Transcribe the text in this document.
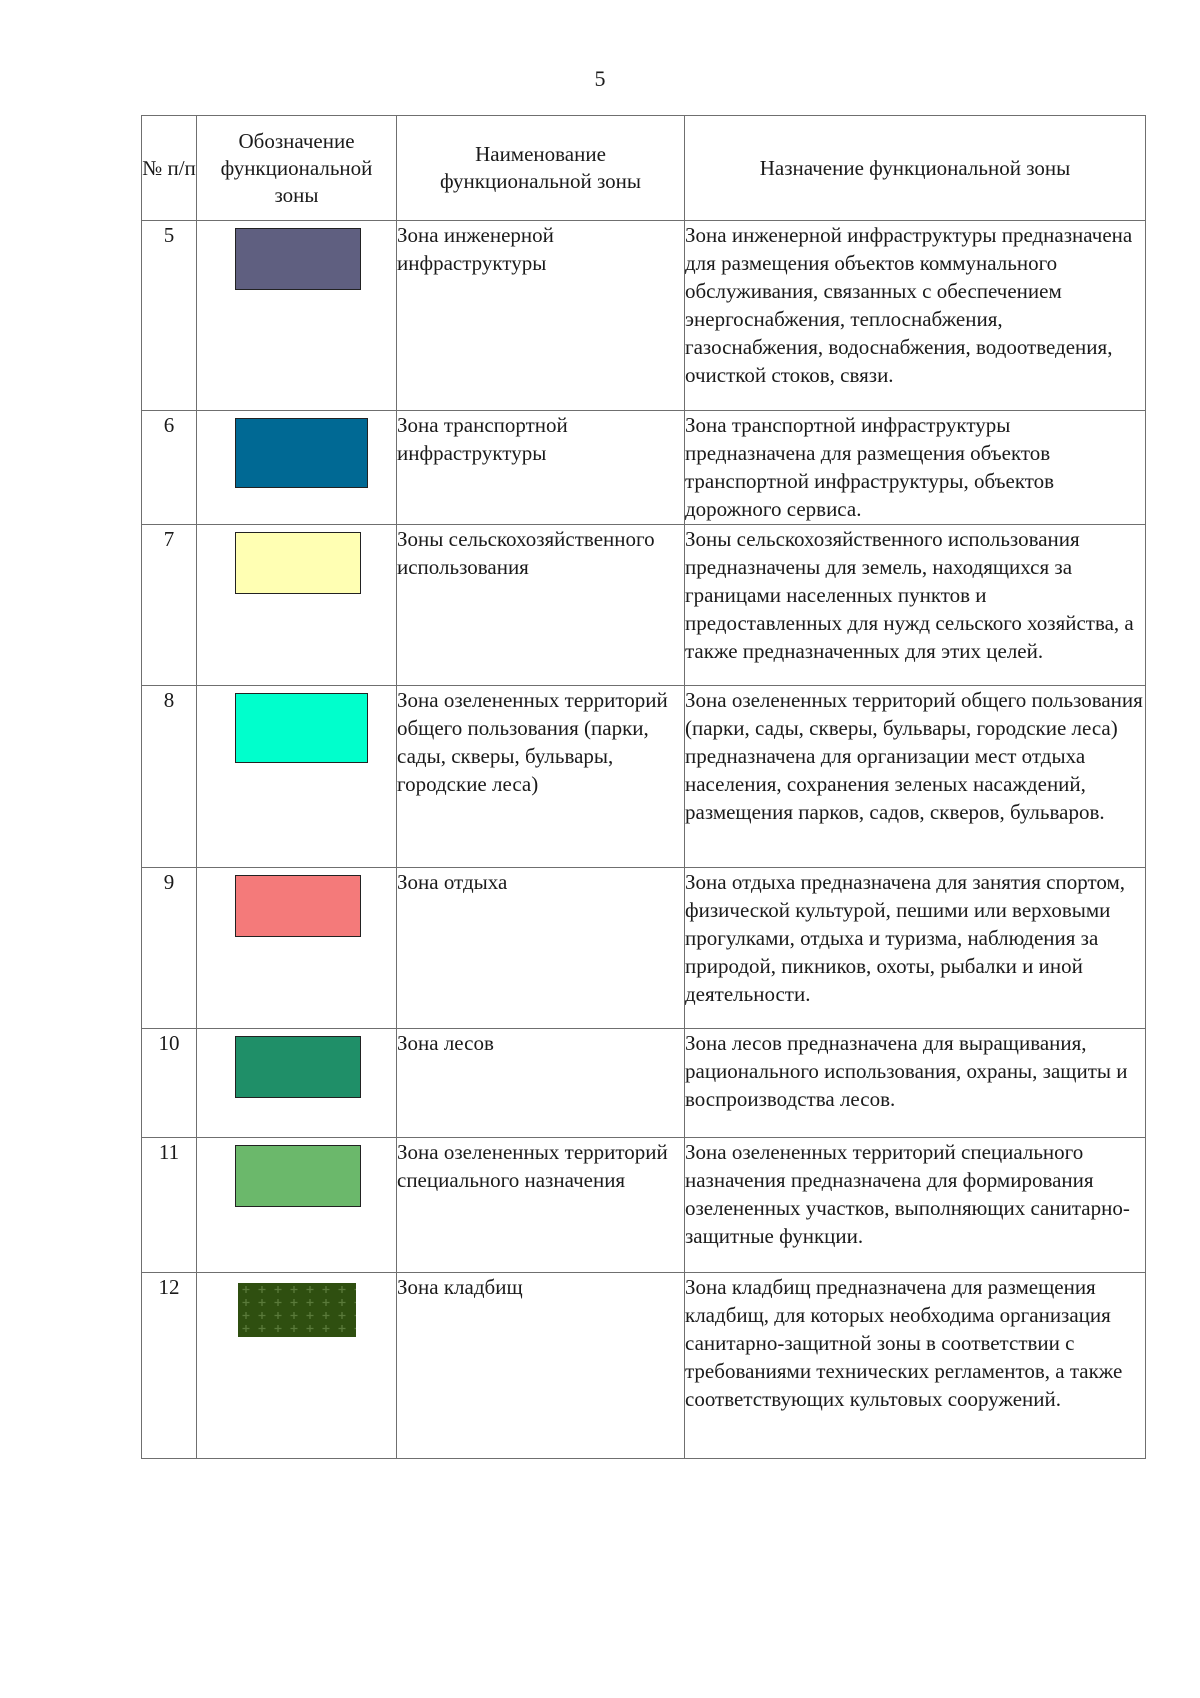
5
№ п/п	Обозначение функциональной зоны	Наименование функциональной зоны	Назначение функциональной зоны
5		Зона инженерной инфраструктуры	Зона инженерной инфраструктуры предназначена для размещения объектов коммунального обслуживания, связанных с обеспечением энергоснабжения, теплоснабжения, газоснабжения, водоснабжения, водоотведения, очисткой стоков, связи.
6		Зона транспортной инфраструктуры	Зона транспортной инфраструктуры предназначена для размещения объектов транспортной инфраструктуры, объектов дорожного сервиса.
7		Зоны сельскохозяйственного использования	Зоны сельскохозяйственного использования предназначены для земель, находящихся за границами населенных пунктов и предоставленных для нужд сельского хозяйства, а также предназначенных для этих целей.
8		Зона озелененных территорий общего пользования (парки, сады, скверы, бульвары, городские леса)	Зона озелененных территорий общего пользования (парки, сады, скверы, бульвары, городские леса) предназначена для организации мест отдыха населения, сохранения зеленых насаждений, размещения парков, садов, скверов, бульваров.
9		Зона отдыха	Зона отдыха предназначена для занятия спортом, физической культурой, пешими или верховыми прогулками, отдыха и туризма, наблюдения за природой, пикников, охоты, рыбалки и иной деятельности.
10		Зона лесов	Зона лесов предназначена для выращивания, рационального использования, охраны, защиты и воспроизводства лесов.
11		Зона озелененных территорий специального назначения	Зона озелененных территорий специального назначения предназначена для формирования озелененных участков, выполняющих санитарно-защитные функции.
12		Зона кладбищ	Зона кладбищ предназначена для размещения кладбищ, для которых необходима организация санитарно-защитной зоны в соответствии с требованиями технических регламентов, а также соответствующих культовых сооружений.
